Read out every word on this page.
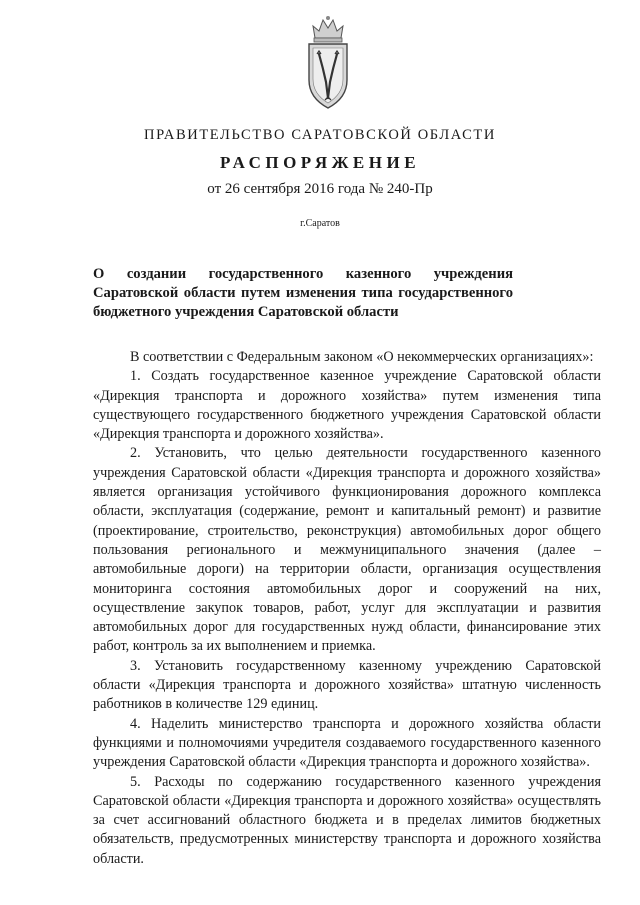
ПРАВИТЕЛЬСТВО САРАТОВСКОЙ ОБЛАСТИ
РАСПОРЯЖЕНИЕ
от 26 сентября 2016 года № 240-Пр
г.Саратов
О создании государственного казенного учреждения Саратовской области путем изменения типа государственного бюджетного учреждения Саратовской области

В соответствии с Федеральным законом «О некоммерческих организациях»:

1. Создать государственное казенное учреждение Саратовской области «Дирекция транспорта и дорожного хозяйства» путем изменения типа существующего государственного бюджетного учреждения Саратовской области «Дирекция транспорта и дорожного хозяйства».

2. Установить, что целью деятельности государственного казенного учреждения Саратовской области «Дирекция транспорта и дорожного хозяйства» является организация устойчивого функционирования дорожного комплекса области, эксплуатация (содержание, ремонт и капитальный ремонт) и развитие (проектирование, строительство, реконструкция) автомобильных дорог общего пользования регионального и межмуниципального значения (далее – автомобильные дороги) на территории области, организация осуществления мониторинга состояния автомобильных дорог и сооружений на них, осуществление закупок товаров, работ, услуг для эксплуатации и развития автомобильных дорог для государственных нужд области, финансирование этих работ, контроль за их выполнением и приемка.

3. Установить государственному казенному учреждению Саратовской области «Дирекция транспорта и дорожного хозяйства» штатную численность работников в количестве 129 единиц.

4. Наделить министерство транспорта и дорожного хозяйства области функциями и полномочиями учредителя создаваемого государственного казенного учреждения Саратовской области «Дирекция транспорта и дорожного хозяйства».

5. Расходы по содержанию государственного казенного учреждения Саратовской области «Дирекция транспорта и дорожного хозяйства» осуществлять за счет ассигнований областного бюджета и в пределах лимитов бюджетных обязательств, предусмотренных министерству транспорта и дорожного хозяйства области.
